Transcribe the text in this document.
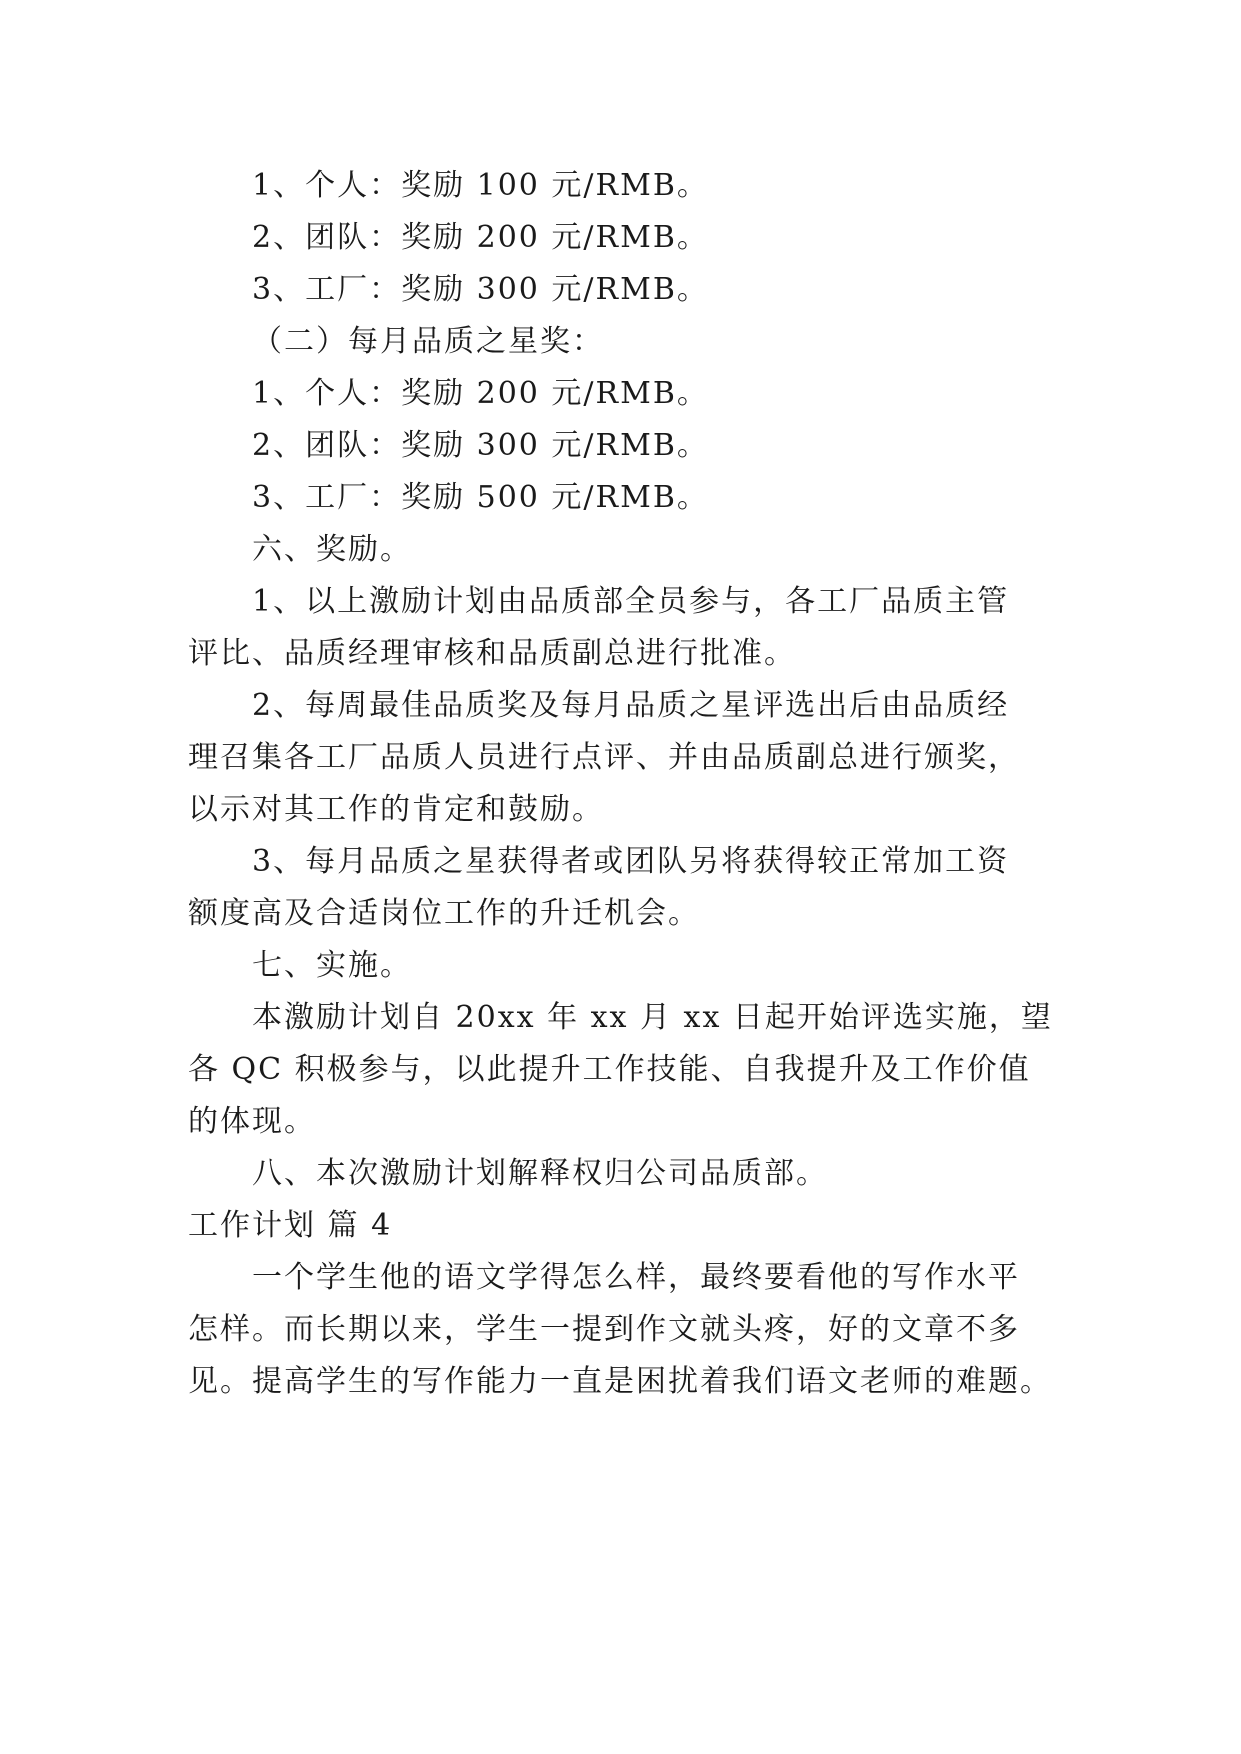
1、个人：奖励 100 元/RMB。
2、团队：奖励 200 元/RMB。
3、工厂：奖励 300 元/RMB。
（二）每月品质之星奖：
1、个人：奖励 200 元/RMB。
2、团队：奖励 300 元/RMB。
3、工厂：奖励 500 元/RMB。
六、奖励。
1、以上激励计划由品质部全员参与，各工厂品质主管
评比、品质经理审核和品质副总进行批准。
2、每周最佳品质奖及每月品质之星评选出后由品质经
理召集各工厂品质人员进行点评、并由品质副总进行颁奖，
以示对其工作的肯定和鼓励。
3、每月品质之星获得者或团队另将获得较正常加工资
额度高及合适岗位工作的升迁机会。
七、实施。
本激励计划自 20xx 年 xx 月 xx 日起开始评选实施，望
各 QC 积极参与，以此提升工作技能、自我提升及工作价值
的体现。
八、本次激励计划解释权归公司品质部。
工作计划 篇 4
一个学生他的语文学得怎么样，最终要看他的写作水平
怎样。而长期以来，学生一提到作文就头疼，好的文章不多
见。提高学生的写作能力一直是困扰着我们语文老师的难题。
